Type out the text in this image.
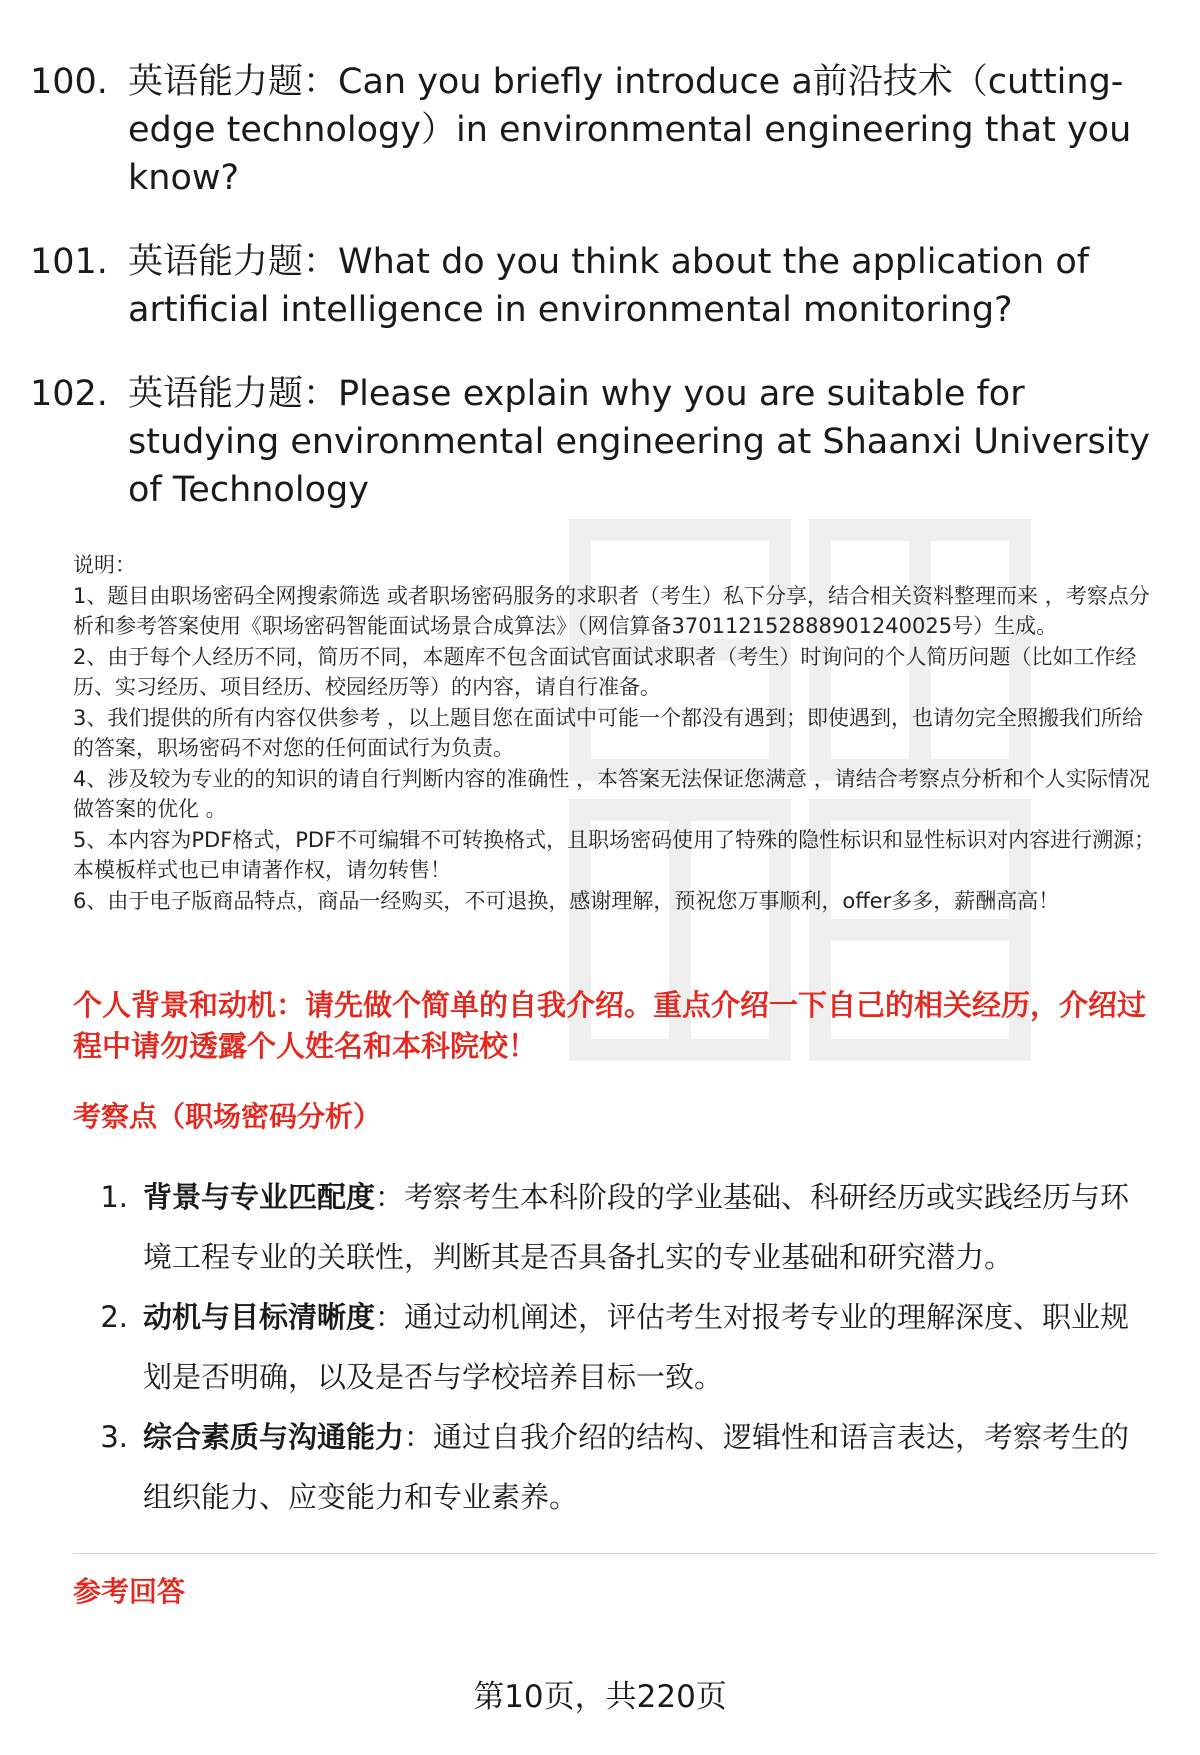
100. 英语能力题：Can you briefly introduce a前沿技术（cutting-edge technology）in environmental engineering that you know?
101. 英语能力题：What do you think about the application of artificial intelligence in environmental monitoring?
102. 英语能力题：Please explain why you are suitable for studying environmental engineering at Shaanxi University of Technology

说明：

1、题目由职场密码全网搜索筛选 或者职场密码服务的求职者（考生）私下分享，结合相关资料整理而来 ，考察点分析和参考答案使用《职场密码智能面试场景合成算法》（网信算备370112152888901240025号）生成。

2、由于每个人经历不同，简历不同，本题库不包含面试官面试求职者（考生）时询问的个人简历问题（比如工作经历、实习经历、项目经历、校园经历等）的内容，请自行准备。

3、我们提供的所有内容仅供参考 ，以上题目您在面试中可能一个都没有遇到；即使遇到，也请勿完全照搬我们所给的答案，职场密码不对您的任何面试行为负责。

4、涉及较为专业的的知识的请自行判断内容的准确性 ，本答案无法保证您满意 ，请结合考察点分析和个人实际情况做答案的优化 。

5、本内容为PDF格式，PDF不可编辑不可转换格式，且职场密码使用了特殊的隐性标识和显性标识对内容进行溯源；本模板样式也已申请著作权，请勿转售！

6、由于电子版商品特点，商品一经购买，不可退换，感谢理解，预祝您万事顺利，offer多多，薪酬高高！

个人背景和动机：请先做个简单的自我介绍。重点介绍一下自己的相关经历，介绍过程中请勿透露个人姓名和本科院校！
考察点（职场密码分析）
1. 背景与专业匹配度：考察考生本科阶段的学业基础、科研经历或实践经历与环境工程专业的关联性，判断其是否具备扎实的专业基础和研究潜力。
2. 动机与目标清晰度：通过动机阐述，评估考生对报考专业的理解深度、职业规划是否明确，以及是否与学校培养目标一致。
3. 综合素质与沟通能力：通过自我介绍的结构、逻辑性和语言表达，考察考生的组织能力、应变能力和专业素养。
参考回答
第10页，共220页
